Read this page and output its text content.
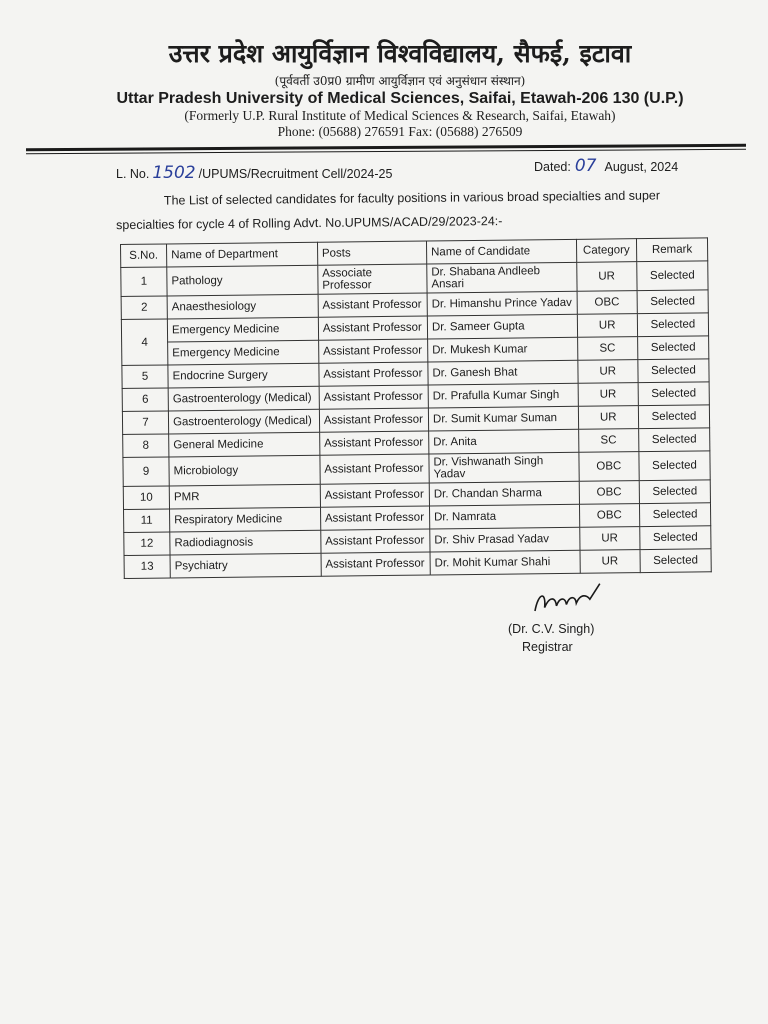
उत्तर प्रदेश आयुर्विज्ञान विश्वविद्यालय, सैफई, इटावा
(पूर्ववर्ती उ0प्र0 ग्रामीण आयुर्विज्ञान एवं अनुसंधान संस्थान)
Uttar Pradesh University of Medical Sciences, Saifai, Etawah-206 130 (U.P.)
(Formerly U.P. Rural Institute of Medical Sciences & Research, Saifai, Etawah)
Phone: (05688) 276591 Fax: (05688) 276509
L. No. 1502 /UPUMS/Recruitment Cell/2024-25	Dated: 07 August, 2024
The List of selected candidates for faculty positions in various broad specialties and super specialties for cycle 4 of Rolling Advt. No.UPUMS/ACAD/29/2023-24:-
S.No.	Name of Department	Posts	Name of Candidate	Category	Remark
1	Pathology	Associate Professor	Dr. Shabana Andleeb Ansari	UR	Selected
2	Anaesthesiology	Assistant Professor	Dr. Himanshu Prince Yadav	OBC	Selected
4	Emergency Medicine	Assistant Professor	Dr. Sameer Gupta	UR	Selected
	Emergency Medicine	Assistant Professor	Dr. Mukesh Kumar	SC	Selected
5	Endocrine Surgery	Assistant Professor	Dr. Ganesh Bhat	UR	Selected
6	Gastroenterology (Medical)	Assistant Professor	Dr. Prafulla Kumar Singh	UR	Selected
7	Gastroenterology (Medical)	Assistant Professor	Dr. Sumit Kumar Suman	UR	Selected
8	General Medicine	Assistant Professor	Dr. Anita	SC	Selected
9	Microbiology	Assistant Professor	Dr. Vishwanath Singh Yadav	OBC	Selected
10	PMR	Assistant Professor	Dr. Chandan Sharma	OBC	Selected
11	Respiratory Medicine	Assistant Professor	Dr. Namrata	OBC	Selected
12	Radiodiagnosis	Assistant Professor	Dr. Shiv Prasad Yadav	UR	Selected
13	Psychiatry	Assistant Professor	Dr. Mohit Kumar Shahi	UR	Selected
(Dr. C.V. Singh)
Registrar
